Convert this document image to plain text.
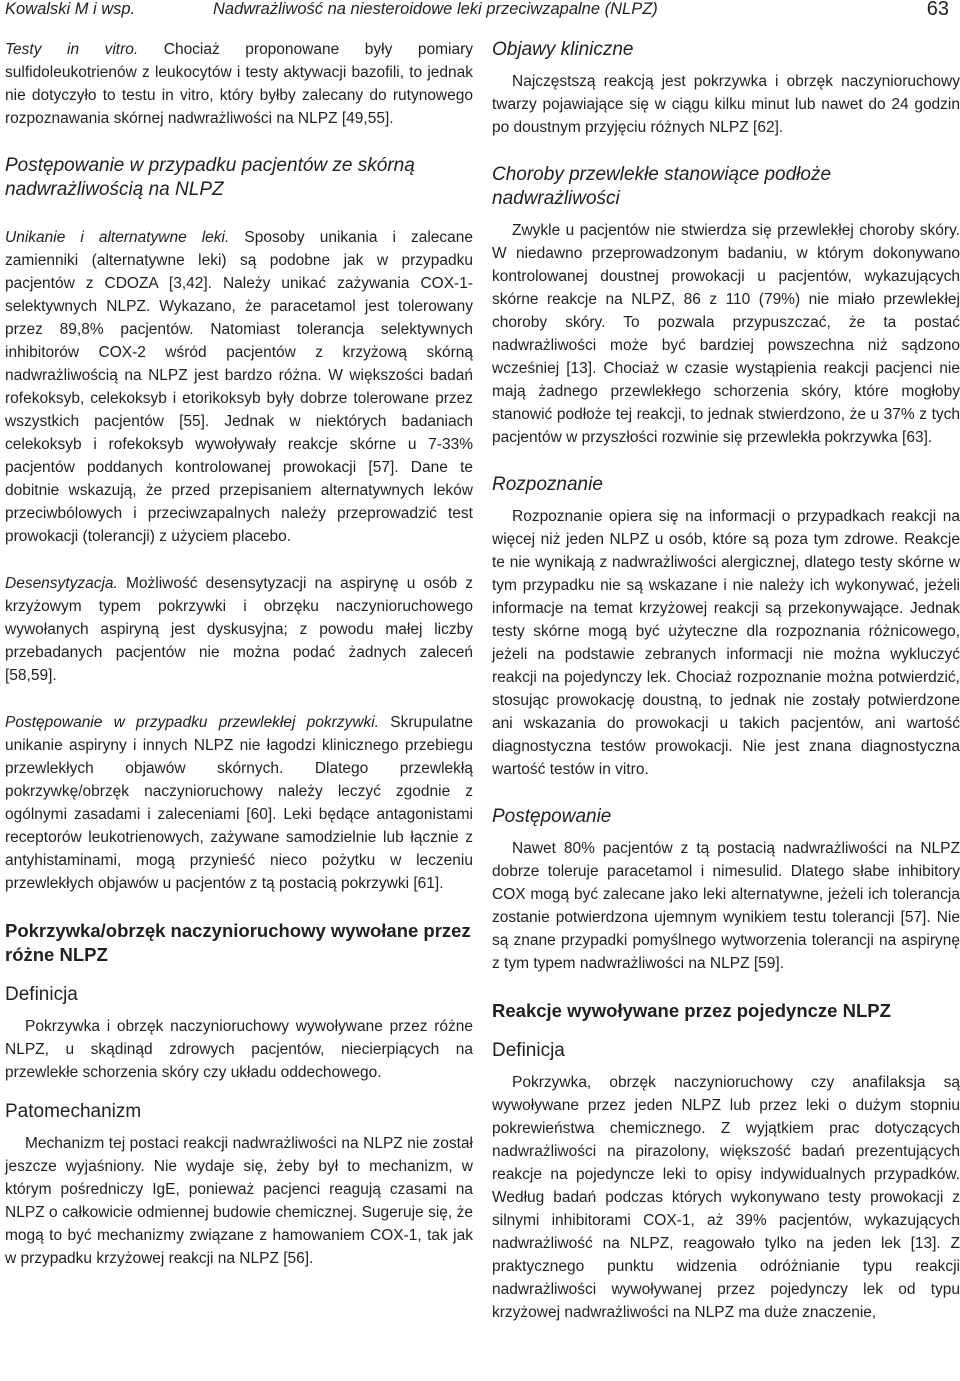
Kowalski M i wsp.	Nadwrażliwość na niesteroidowe leki przeciwzapalne (NLPZ)	63

Testy in vitro. Chociaż proponowane były pomiary sulfidoleukotrienów z leukocytów i testy aktywacji bazofili, to jednak nie dotyczyło to testu in vitro, który byłby zalecany do rutynowego rozpoznawania skórnej nadwrażliwości na NLPZ [49,55].

Postępowanie w przypadku pacjentów ze skórną nadwrażliwością na NLPZ

Unikanie i alternatywne leki. Sposoby unikania i zalecane zamienniki (alternatywne leki) są podobne jak w przypadku pacjentów z CDOZA [3,42]. Należy unikać zażywania COX-1-selektywnych NLPZ. Wykazano, że paracetamol jest tolerowany przez 89,8% pacjentów. Natomiast tolerancja selektywnych inhibitorów COX-2 wśród pacjentów z krzyżową skórną nadwrażliwością na NLPZ jest bardzo różna. W większości badań rofekoksyb, celekoksyb i etorikoksyb były dobrze tolerowane przez wszystkich pacjentów [55]. Jednak w niektórych badaniach celekoksyb i rofekoksyb wywoływały reakcje skórne u 7-33% pacjentów poddanych kontrolowanej prowokacji [57]. Dane te dobitnie wskazują, że przed przepisaniem alternatywnych leków przeciwbólowych i przeciwzapalnych należy przeprowadzić test prowokacji (tolerancji) z użyciem placebo.

Desensytyzacja. Możliwość desensytyzacji na aspirynę u osób z krzyżowym typem pokrzywki i obrzęku naczynioruchowego wywołanych aspiryną jest dyskusyjna; z powodu małej liczby przebadanych pacjentów nie można podać żadnych zaleceń [58,59].

Postępowanie w przypadku przewlekłej pokrzywki. Skrupulatne unikanie aspiryny i innych NLPZ nie łagodzi klinicznego przebiegu przewlekłych objawów skórnych. Dlatego przewlekłą pokrzywkę/obrzęk naczynioruchowy należy leczyć zgodnie z ogólnymi zasadami i zaleceniami [60]. Leki będące antagonistami receptorów leukotrienowych, zażywane samodzielnie lub łącznie z antyhistaminami, mogą przynieść nieco pożytku w leczeniu przewlekłych objawów u pacjentów z tą postacią pokrzywki [61].

Pokrzywka/obrzęk naczynioruchowy wywołane przez różne NLPZ
Definicja

Pokrzywka i obrzęk naczynioruchowy wywoływane przez różne NLPZ, u skądinąd zdrowych pacjentów, niecierpiących na przewlekłe schorzenia skóry czy układu oddechowego.

Patomechanizm

Mechanizm tej postaci reakcji nadwrażliwości na NLPZ nie został jeszcze wyjaśniony. Nie wydaje się, żeby był to mechanizm, w którym pośredniczy IgE, ponieważ pacjenci reagują czasami na NLPZ o całkowicie odmiennej budowie chemicznej. Sugeruje się, że mogą to być mechanizmy związane z hamowaniem COX-1, tak jak w przypadku krzyżowej reakcji na NLPZ [56].

Objawy kliniczne

Najczęstszą reakcją jest pokrzywka i obrzęk naczynioruchowy twarzy pojawiające się w ciągu kilku minut lub nawet do 24 godzin po doustnym przyjęciu różnych NLPZ [62].

Choroby przewlekłe stanowiące podłoże nadwrażliwości

Zwykle u pacjentów nie stwierdza się przewlekłej choroby skóry. W niedawno przeprowadzonym badaniu, w którym dokonywano kontrolowanej doustnej prowokacji u pacjentów, wykazujących skórne reakcje na NLPZ, 86 z 110 (79%) nie miało przewlekłej choroby skóry. To pozwala przypuszczać, że ta postać nadwrażliwości może być bardziej powszechna niż sądzono wcześniej [13]. Chociaż w czasie wystąpienia reakcji pacjenci nie mają żadnego przewlekłego schorzenia skóry, które mogłoby stanowić podłoże tej reakcji, to jednak stwierdzono, że u 37% z tych pacjentów w przyszłości rozwinie się przewlekła pokrzywka [63].

Rozpoznanie

Rozpoznanie opiera się na informacji o przypadkach reakcji na więcej niż jeden NLPZ u osób, które są poza tym zdrowe. Reakcje te nie wynikają z nadwrażliwości alergicznej, dlatego testy skórne w tym przypadku nie są wskazane i nie należy ich wykonywać, jeżeli informacje na temat krzyżowej reakcji są przekonywające. Jednak testy skórne mogą być użyteczne dla rozpoznania różnicowego, jeżeli na podstawie zebranych informacji nie można wykluczyć reakcji na pojedynczy lek. Chociaż rozpoznanie można potwierdzić, stosując prowokację doustną, to jednak nie zostały potwierdzone ani wskazania do prowokacji u takich pacjentów, ani wartość diagnostyczna testów prowokacji. Nie jest znana diagnostyczna wartość testów in vitro.

Postępowanie

Nawet 80% pacjentów z tą postacią nadwrażliwości na NLPZ dobrze toleruje paracetamol i nimesulid. Dlatego słabe inhibitory COX mogą być zalecane jako leki alternatywne, jeżeli ich tolerancja zostanie potwierdzona ujemnym wynikiem testu tolerancji [57]. Nie są znane przypadki pomyślnego wytworzenia tolerancji na aspirynę z tym typem nadwrażliwości na NLPZ [59].

Reakcje wywoływane przez pojedyncze NLPZ
Definicja

Pokrzywka, obrzęk naczynioruchowy czy anafilaksja są wywoływane przez jeden NLPZ lub przez leki o dużym stopniu pokrewieństwa chemicznego. Z wyjątkiem prac dotyczących nadwrażliwości na pirazolony, większość badań prezentujących reakcje na pojedyncze leki to opisy indywidualnych przypadków. Według badań podczas których wykonywano testy prowokacji z silnymi inhibitorami COX-1, aż 39% pacjentów, wykazujących nadwrażliwość na NLPZ, reagowało tylko na jeden lek [13]. Z praktycznego punktu widzenia odróżnianie typu reakcji nadwrażliwości wywoływanej przez pojedynczy lek od typu krzyżowej nadwrażliwości na NLPZ ma duże znaczenie,
